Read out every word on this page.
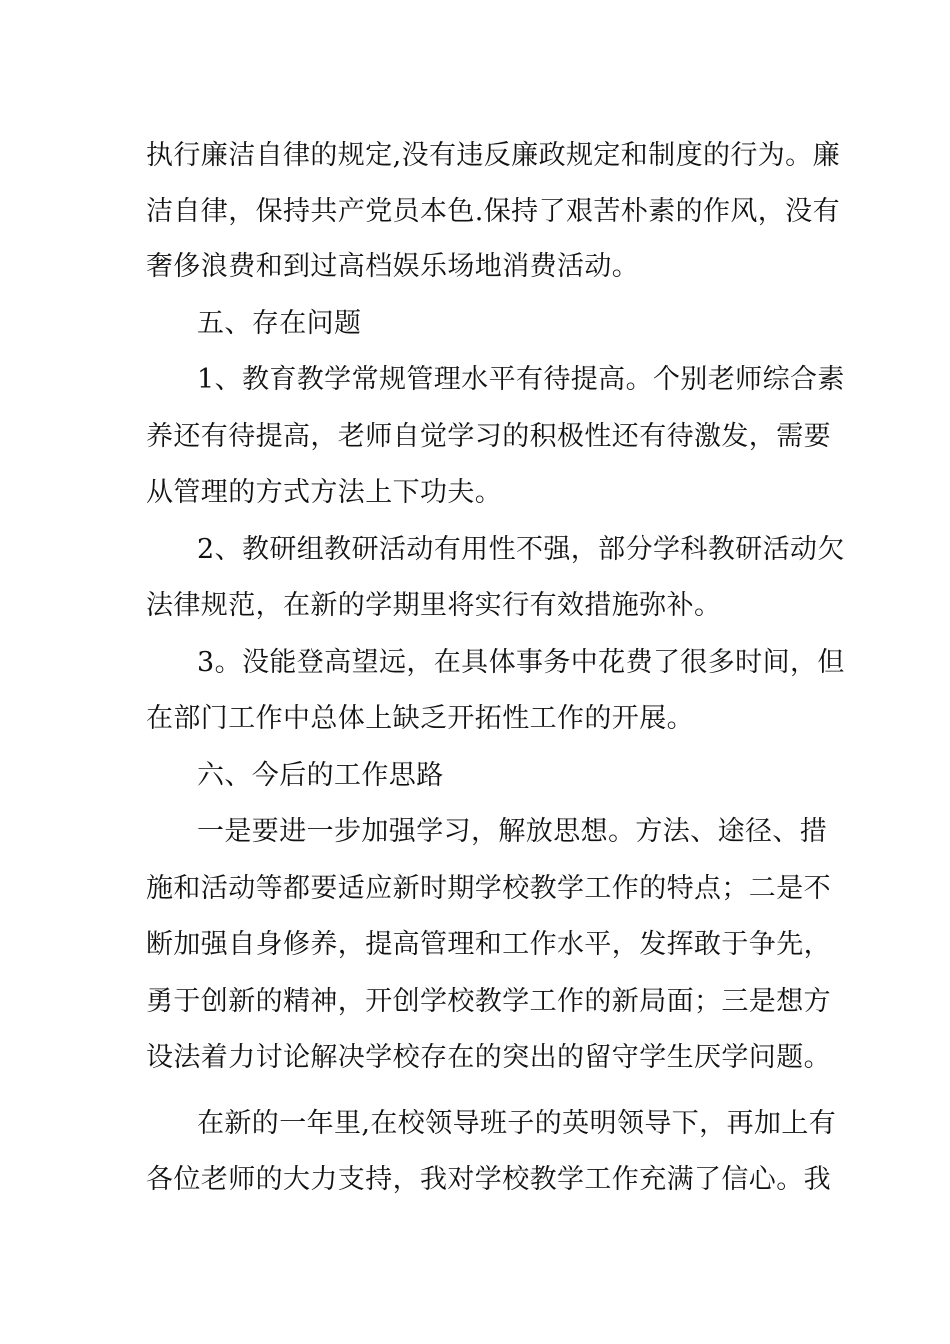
执行廉洁自律的规定,没有违反廉政规定和制度的行为。廉
洁自律，保持共产党员本色.保持了艰苦朴素的作风，没有
奢侈浪费和到过高档娱乐场地消费活动。
五、存在问题
1、教育教学常规管理水平有待提高。个别老师综合素
养还有待提高，老师自觉学习的积极性还有待激发，需要
从管理的方式方法上下功夫。
2、教研组教研活动有用性不强，部分学科教研活动欠
法律规范，在新的学期里将实行有效措施弥补。
3。没能登高望远，在具体事务中花费了很多时间，但
在部门工作中总体上缺乏开拓性工作的开展。
六、今后的工作思路
一是要进一步加强学习，解放思想。方法、途径、措
施和活动等都要适应新时期学校教学工作的特点；二是不
断加强自身修养，提高管理和工作水平，发挥敢于争先，
勇于创新的精神，开创学校教学工作的新局面；三是想方
设法着力讨论解决学校存在的突出的留守学生厌学问题。
在新的一年里,在校领导班子的英明领导下，再加上有
各位老师的大力支持，我对学校教学工作充满了信心。我
